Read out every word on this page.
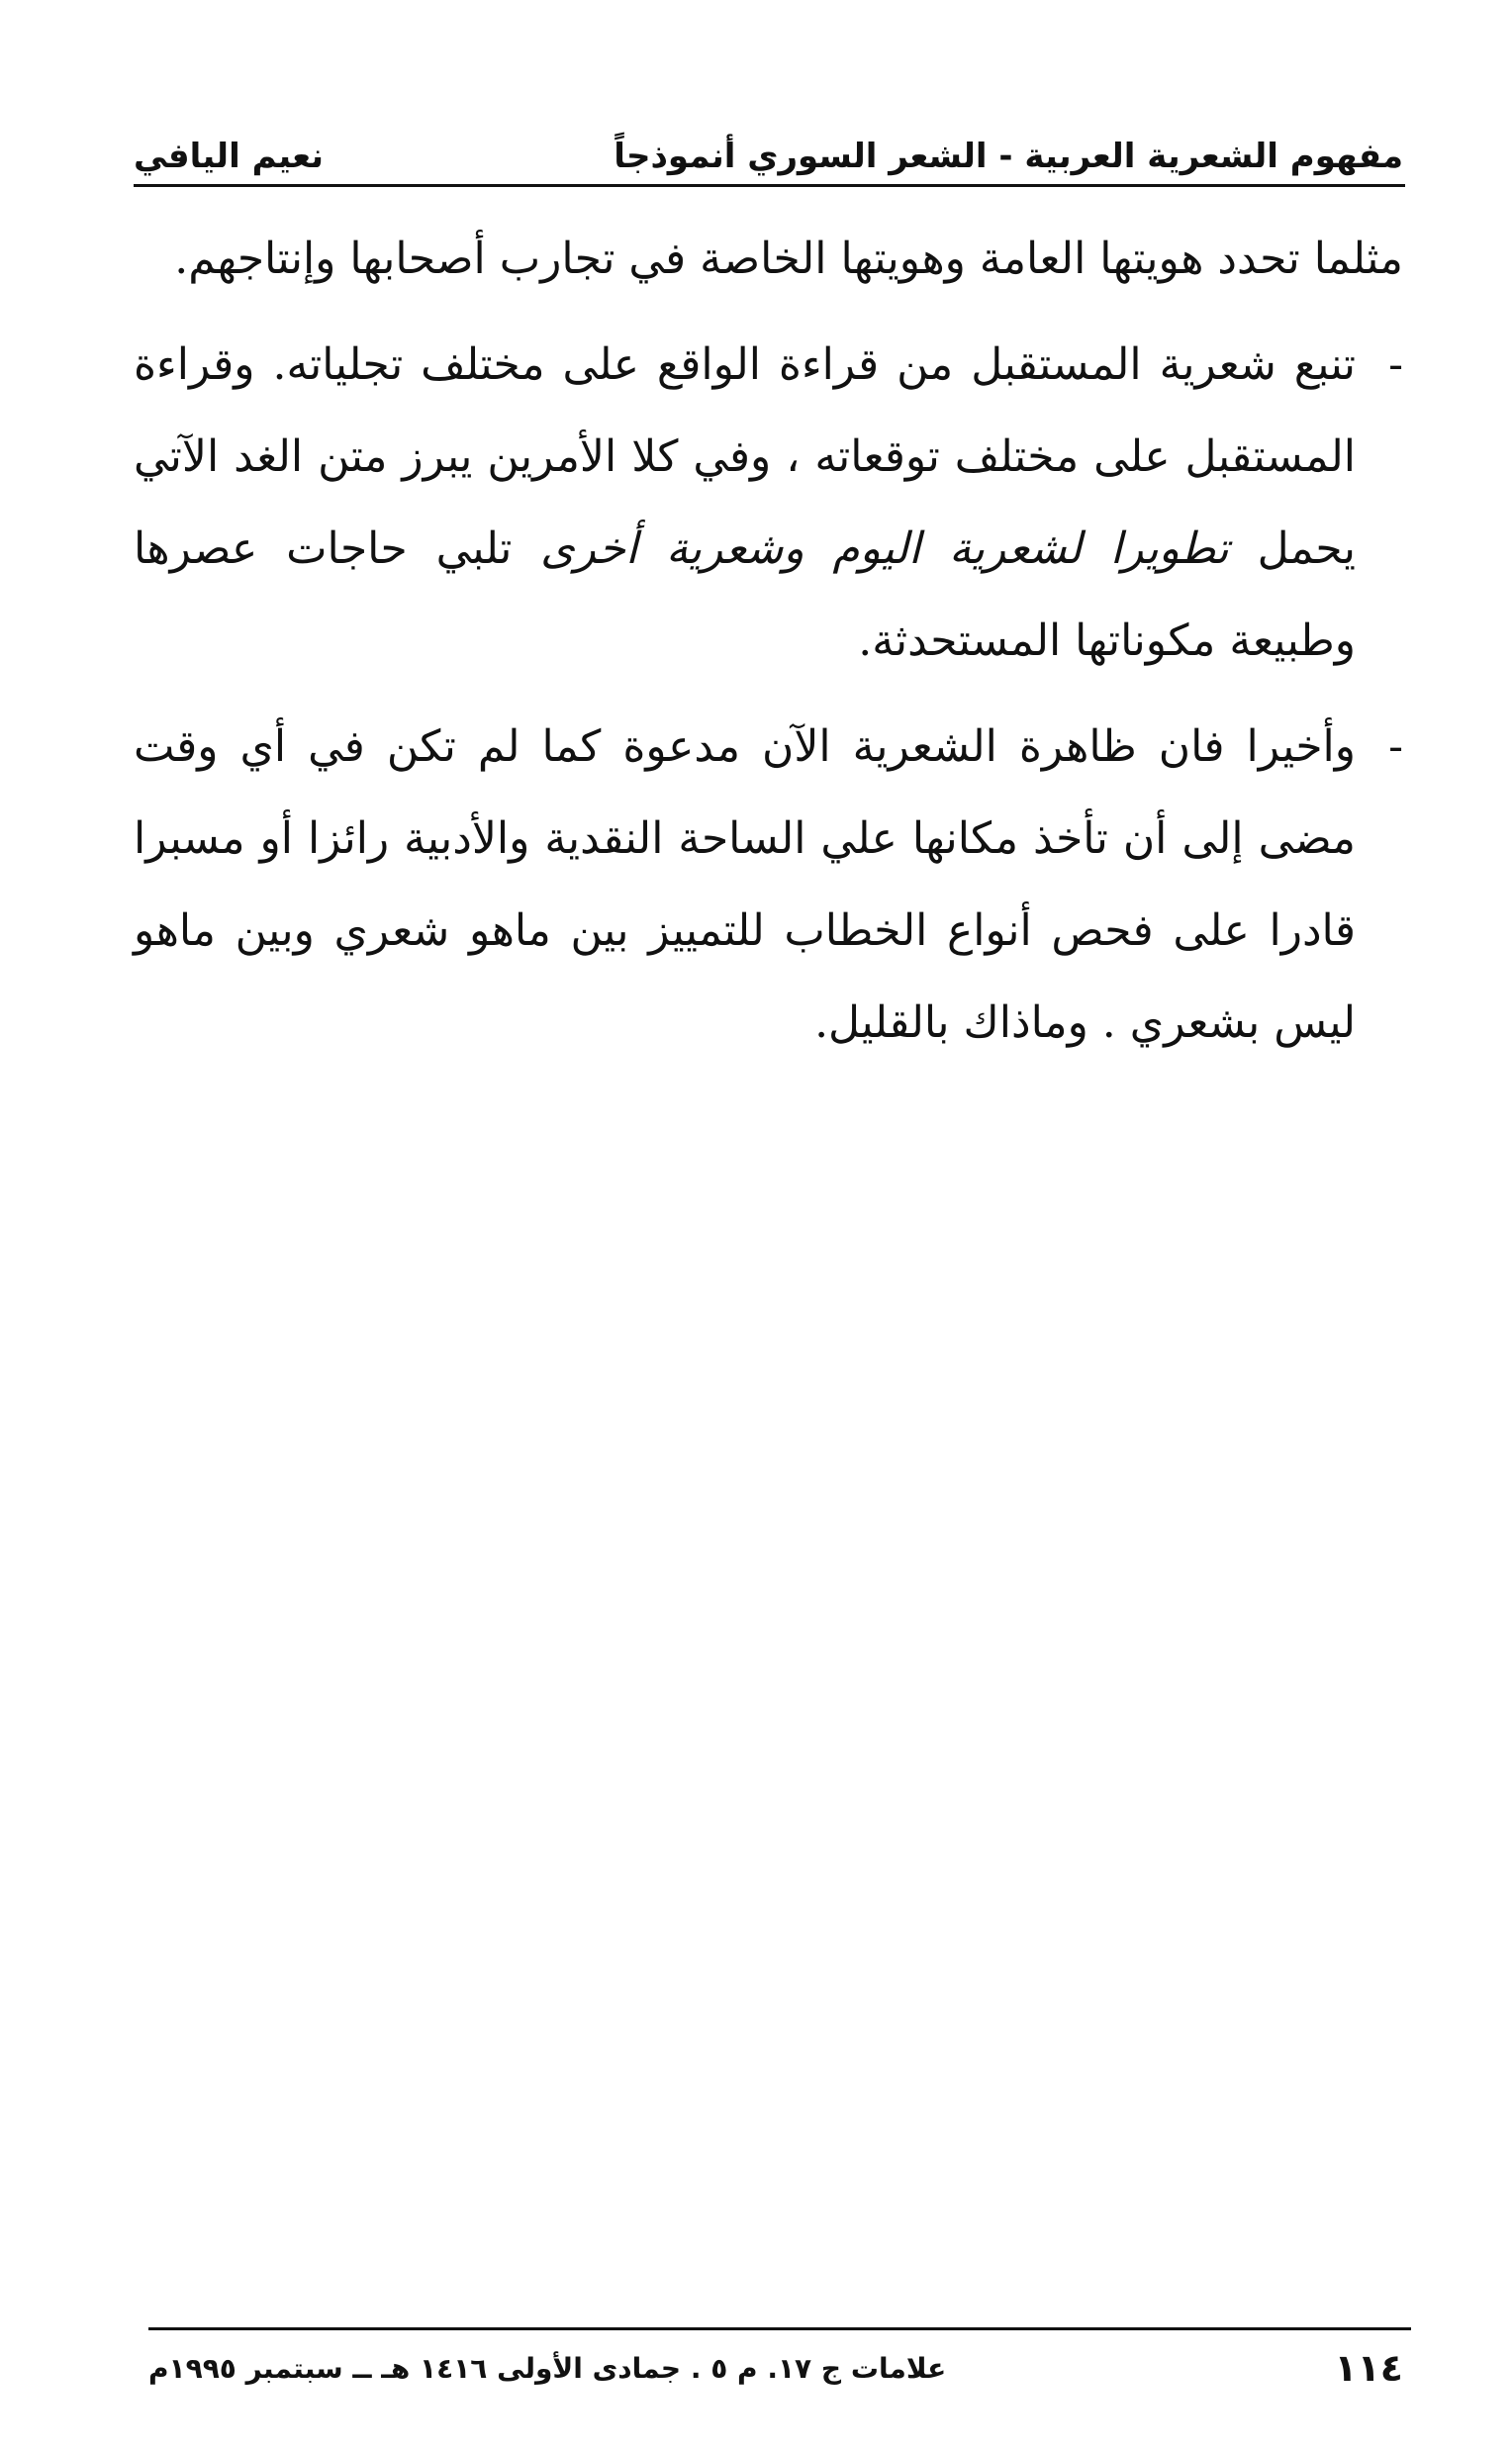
مفهوم الشعرية العربية - الشعر السوري أنموذجاً
نعيم اليافي

مثلما تحدد هويتها العامة وهويتها الخاصة في تجارب أصحابها وإنتاجهم.

-
تنبع شعرية المستقبل من قراءة الواقع على مختلف تجلياته. وقراءة المستقبل على مختلف توقعاته ، وفي كلا الأمرين يبرز متن الغد الآتي يحمل تطويرا لشعرية اليوم وشعرية أخرى تلبي حاجات عصرها وطبيعة مكوناتها المستحدثة.

-
وأخيرا فان ظاهرة الشعرية الآن مدعوة كما لم تكن في أي وقت مضى إلى أن تأخذ مكانها علي الساحة النقدية والأدبية رائزا أو مسبرا قادرا على فحص أنواع الخطاب للتمييز بين ماهو شعري وبين ماهو ليس بشعري . وماذاك بالقليل.

١١٤
علامات ج ١٧. م ٥ . جمادى الأولى ١٤١٦ هـ ــ سبتمبر ١٩٩٥م
